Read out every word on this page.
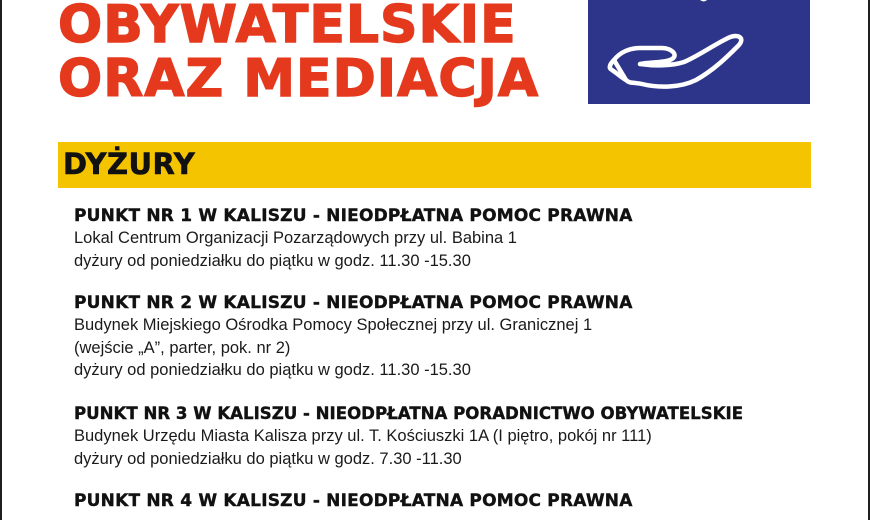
OBYWATELSKIE
ORAZ MEDIACJA
DYŻURY
PUNKT NR 1 W KALISZU - NIEODPŁATNA POMOC PRAWNA
Lokal Centrum Organizacji Pozarządowych przy ul. Babina 1
dyżury od poniedziałku do piątku w godz. 11.30 -15.30
PUNKT NR 2 W KALISZU - NIEODPŁATNA POMOC PRAWNA
Budynek Miejskiego Ośrodka Pomocy Społecznej przy ul. Granicznej 1
(wejście „A”, parter, pok. nr 2)
dyżury od poniedziałku do piątku w godz. 11.30 -15.30
PUNKT NR 3 W KALISZU - NIEODPŁATNA PORADNICTWO OBYWATELSKIE
Budynek Urzędu Miasta Kalisza przy ul. T. Kościuszki 1A (I piętro, pokój nr 111)
dyżury od poniedziałku do piątku w godz. 7.30 -11.30
PUNKT NR 4 W KALISZU - NIEODPŁATNA POMOC PRAWNA
